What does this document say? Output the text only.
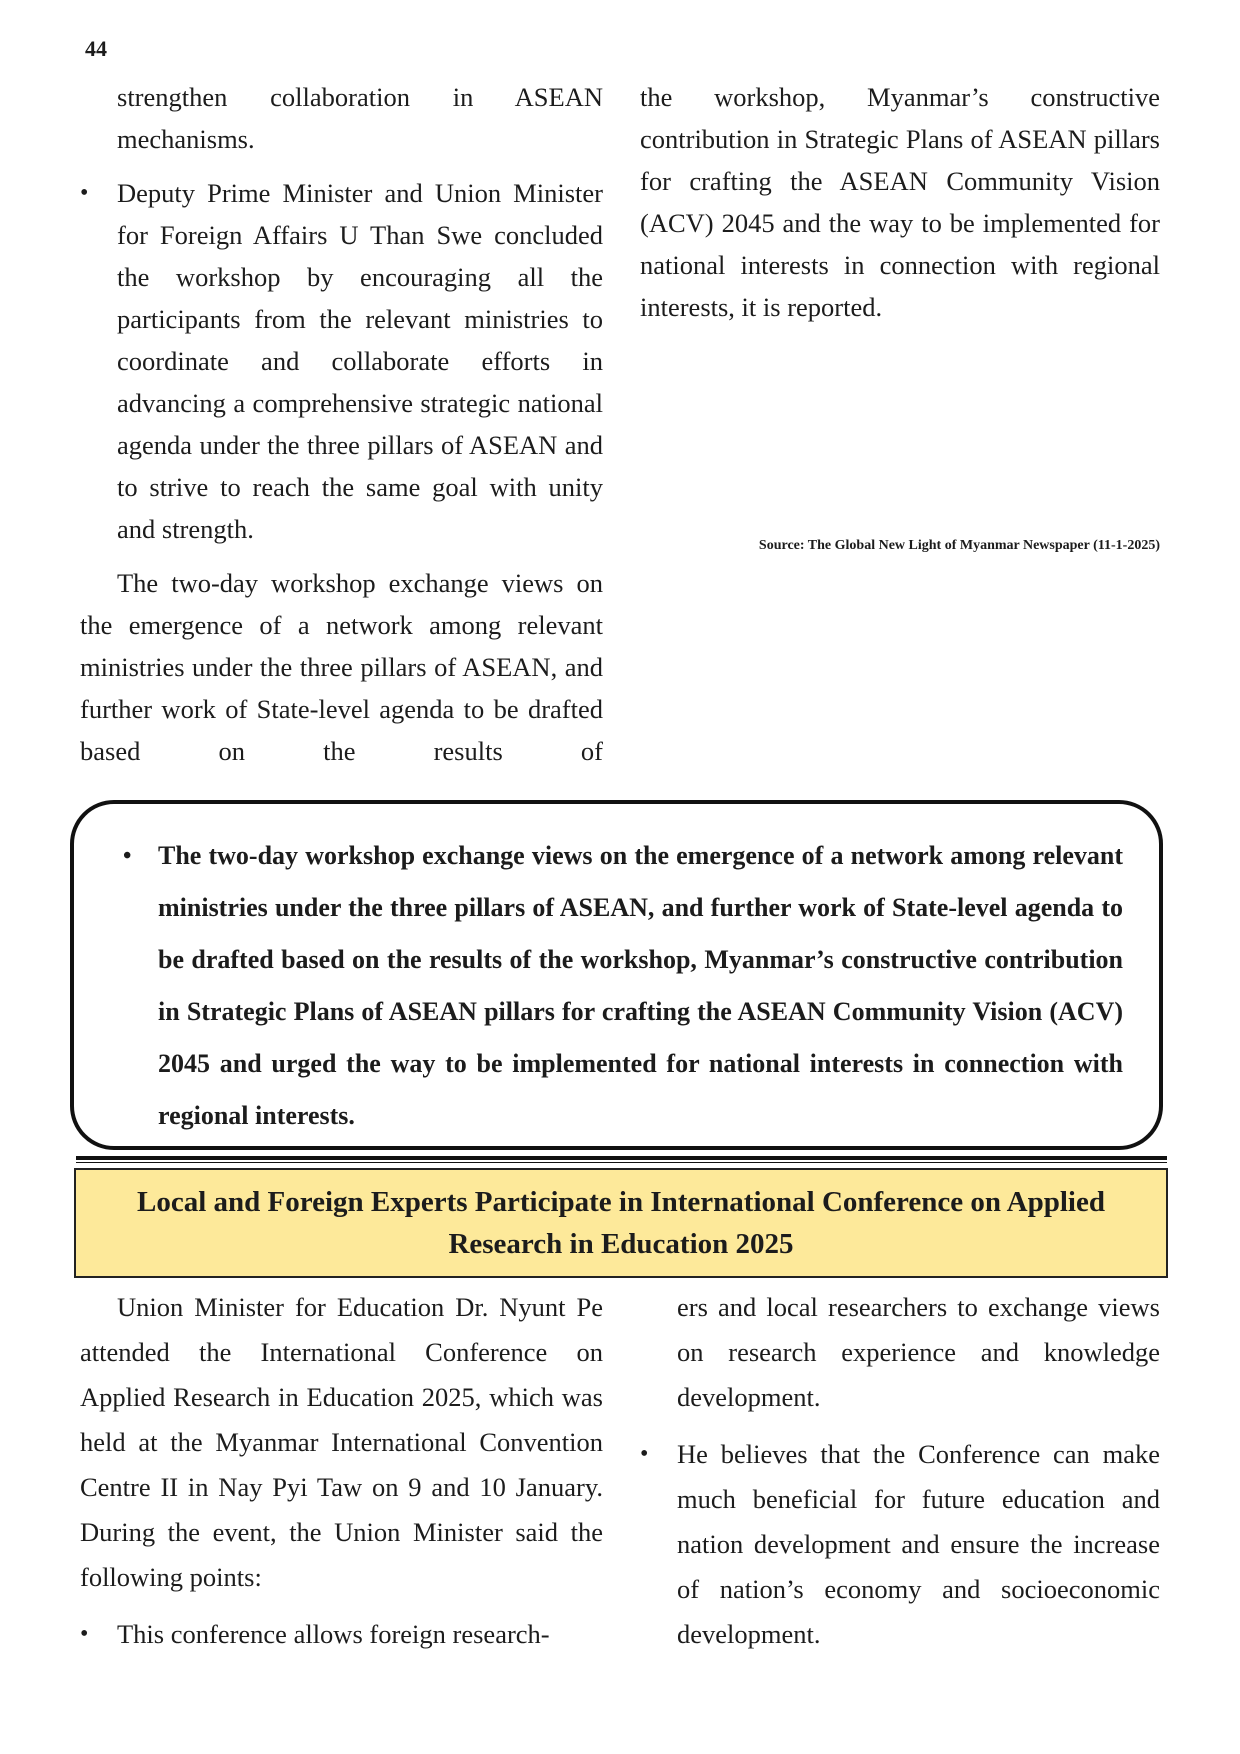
44

strengthen collaboration in ASEAN mechanisms.

• Deputy Prime Minister and Union Minister for Foreign Affairs U Than Swe concluded the workshop by encouraging all the participants from the relevant ministries to coordinate and collaborate efforts in advancing a comprehensive strategic national agenda under the three pillars of ASEAN and to strive to reach the same goal with unity and strength.

The two-day workshop exchange views on the emergence of a network among relevant ministries under the three pillars of ASEAN, and further work of State-level agenda to be drafted based on the results of

the workshop, Myanmar’s constructive contribution in Strategic Plans of ASEAN pillars for crafting the ASEAN Community Vision (ACV) 2045 and the way to be implemented for national interests in connection with regional interests, it is reported.

Source: The Global New Light of Myanmar Newspaper (11-1-2025)
• The two-day workshop exchange views on the emergence of a network among relevant ministries under the three pillars of ASEAN, and further work of State-level agenda to be drafted based on the results of the workshop, Myanmar’s constructive contribution in Strategic Plans of ASEAN pillars for crafting the ASEAN Community Vision (ACV) 2045 and urged the way to be implemented for national interests in connection with regional interests.
Local and Foreign Experts Participate in International Conference on Applied Research in Education 2025

Union Minister for Education Dr. Nyunt Pe attended the International Conference on Applied Research in Education 2025, which was held at the Myanmar International Convention Centre II in Nay Pyi Taw on 9 and 10 January. During the event, the Union Minister said the following points:

• This conference allows foreign research-

ers and local researchers to exchange views on research experience and knowledge development.

• He believes that the Conference can make much beneficial for future education and nation development and ensure the increase of nation’s economy and socioeconomic development.
